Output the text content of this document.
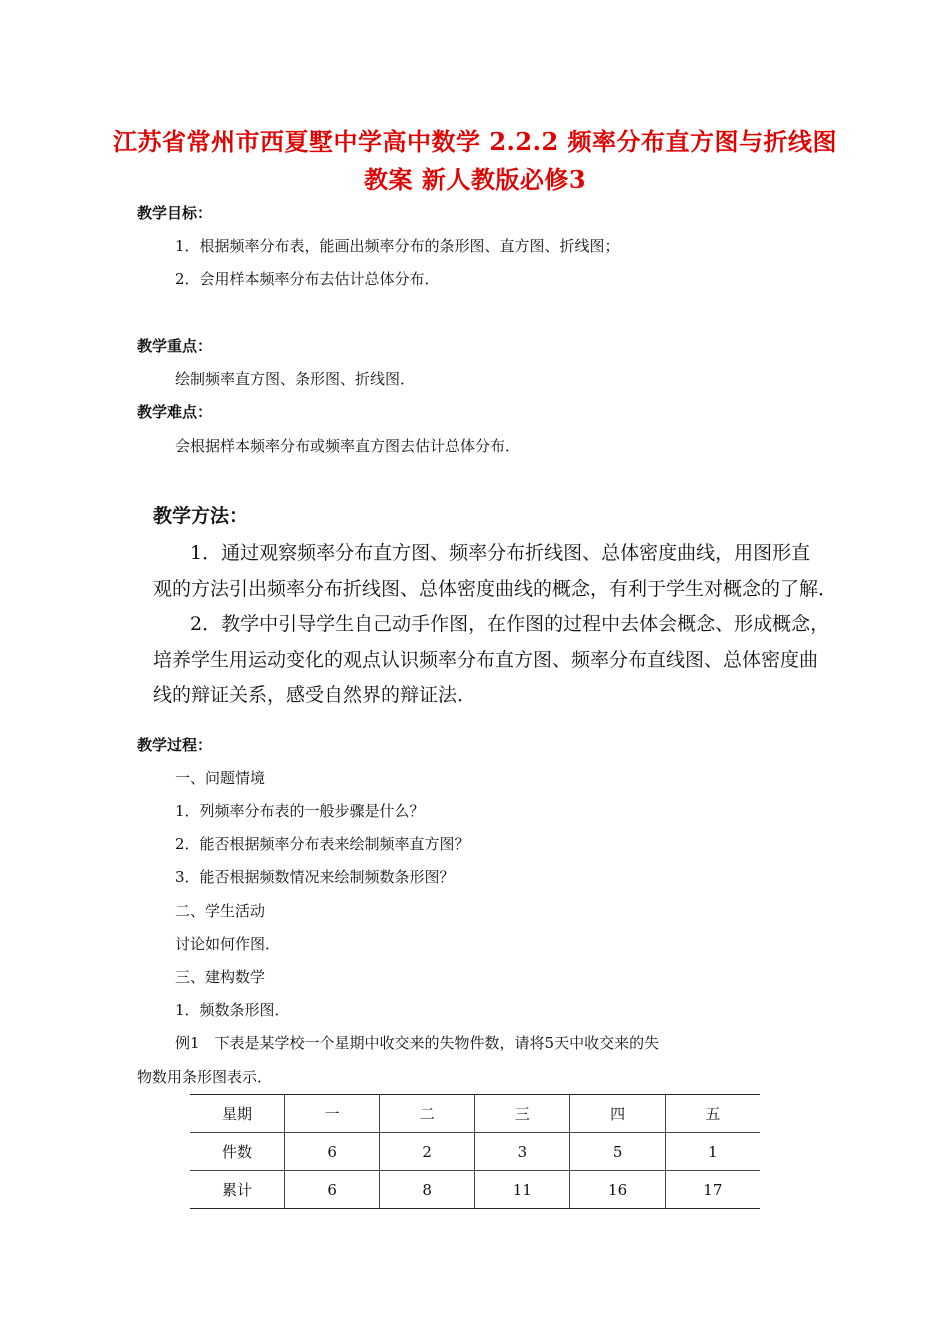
江苏省常州市西夏墅中学高中数学 2.2.2 频率分布直方图与折线图
教案 新人教版必修3
教学目标：
1．根据频率分布表，能画出频率分布的条形图、直方图、折线图；
2．会用样本频率分布去估计总体分布．
教学重点：
绘制频率直方图、条形图、折线图．
教学难点：
会根据样本频率分布或频率直方图去估计总体分布．
教学方法：
1．通过观察频率分布直方图、频率分布折线图、总体密度曲线，用图形直
观的方法引出频率分布折线图、总体密度曲线的概念，有利于学生对概念的了解．
2．教学中引导学生自己动手作图，在作图的过程中去体会概念、形成概念，
培养学生用运动变化的观点认识频率分布直方图、频率分布直线图、总体密度曲
线的辩证关系，感受自然界的辩证法．
教学过程：
一、问题情境
1．列频率分布表的一般步骤是什么？
2．能否根据频率分布表来绘制频率直方图？
3．能否根据频数情况来绘制频数条形图？
二、学生活动
讨论如何作图．
三、建构数学
1．频数条形图．
例1　下表是某学校一个星期中收交来的失物件数，请将5天中收交来的失
物数用条形图表示．
星期	一	二	三	四	五
件数	6	2	3	5	1
累计	6	8	11	16	17
